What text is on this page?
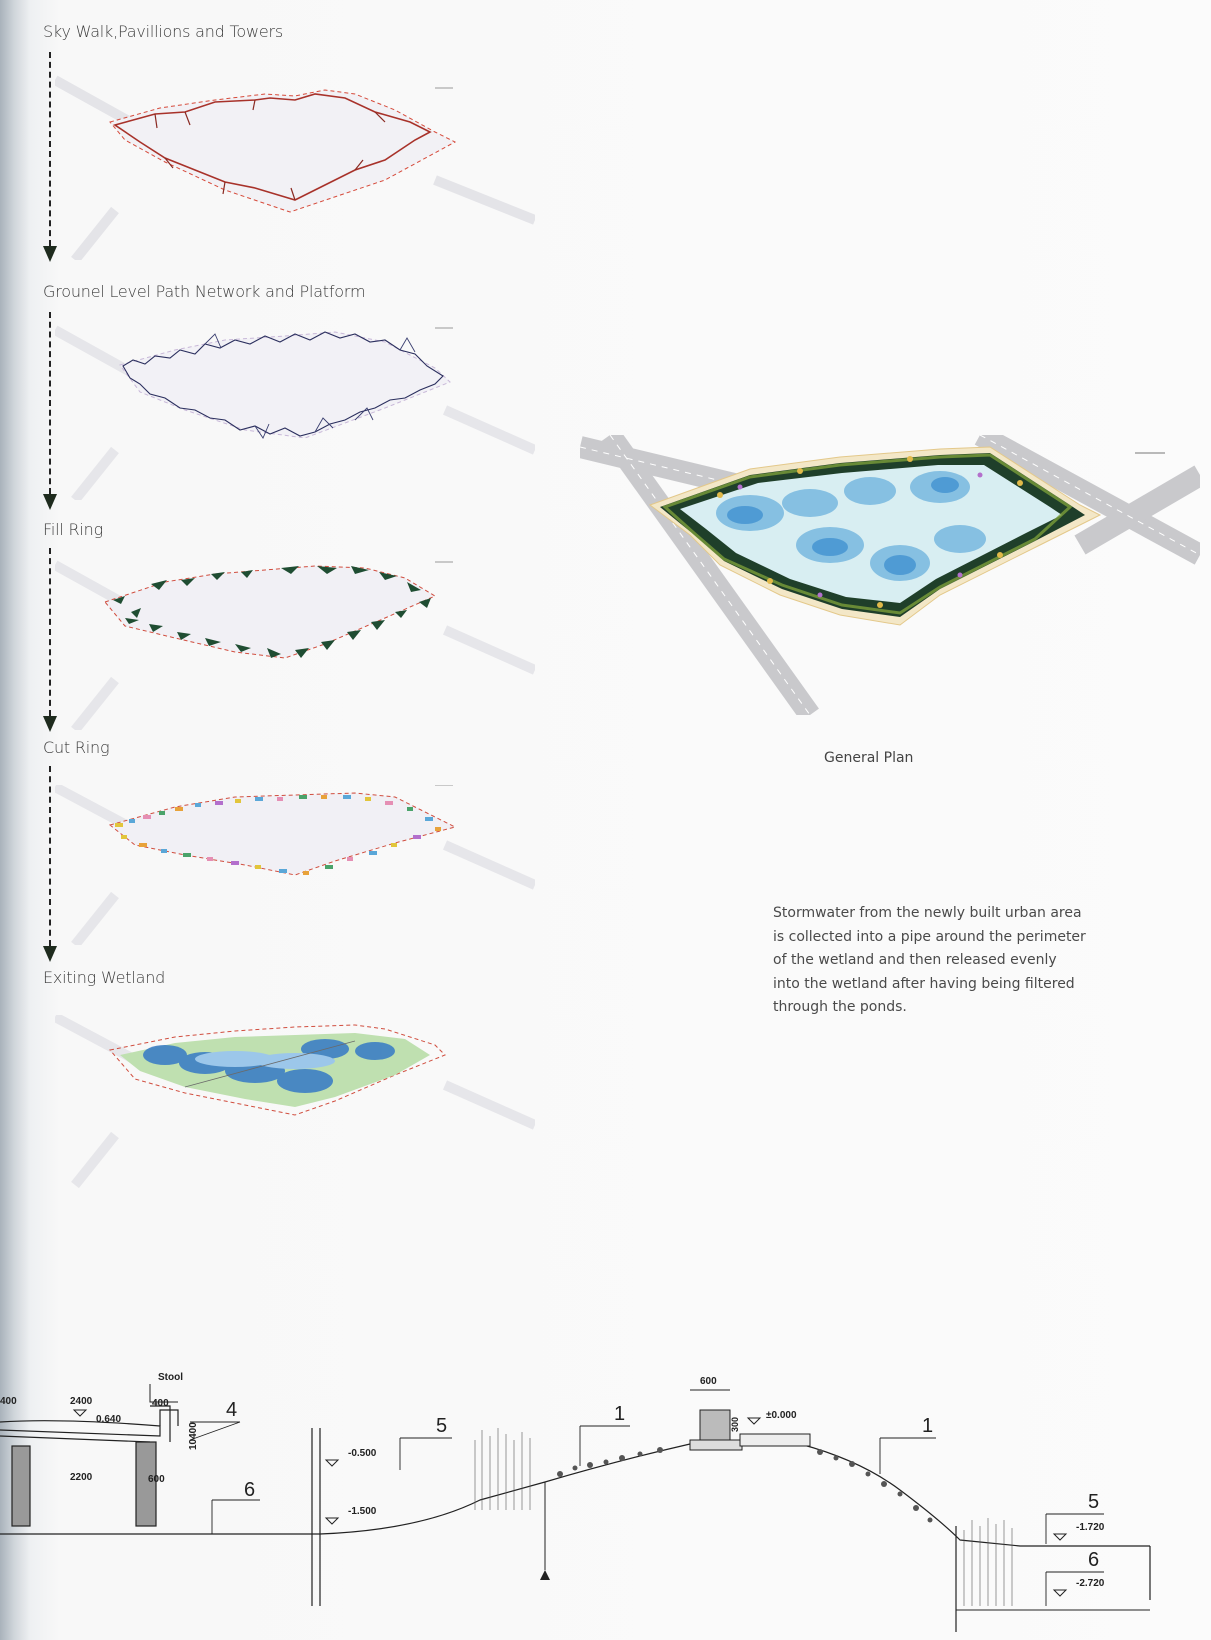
Sky Walk,Pavillions and Towers
Grounel Level Path Network and Platform
Fill Ring
Cut Ring
Exiting Wetland
General Plan
Stormwater from the newly built urban area
is collected into a pipe around the perimeter
of the wetland and then released evenly
into the wetland after having being filtered
through the ponds.
Stool
400	2400	400
0.640
2200	600
10400
600
300
±0.000
-0.500
-1.500
-1.720
-2.720
4
5
6
1
1
5
6
